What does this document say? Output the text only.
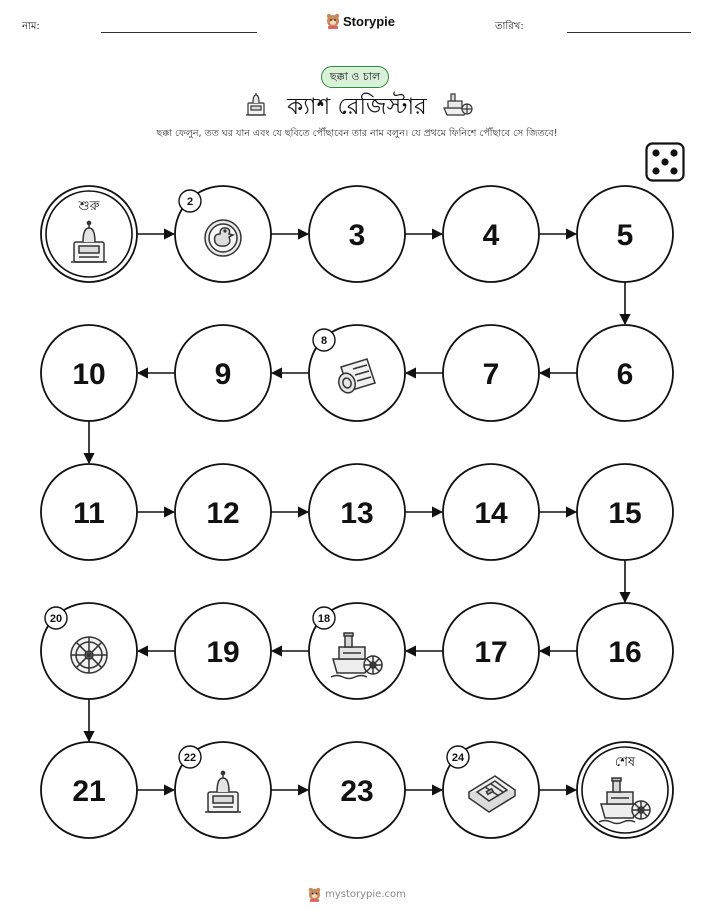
নাম:	Storypie	তারিখ:
ছক্কা ও চাল
ক্যাশ রেজিস্টার
ছক্কা ফেলুন, তত ঘর যান এবং যে ছবিতে পৌঁছাবেন তার নাম বলুন। যে প্রথমে ফিনিশে পৌঁছাবে সে জিতবে!
শুরু	2
3	4	5
6
7
8
9
10
11	12	13	14	15
16
17
18
19
20
21
22
23
24	শেষ
mystorypie.com
